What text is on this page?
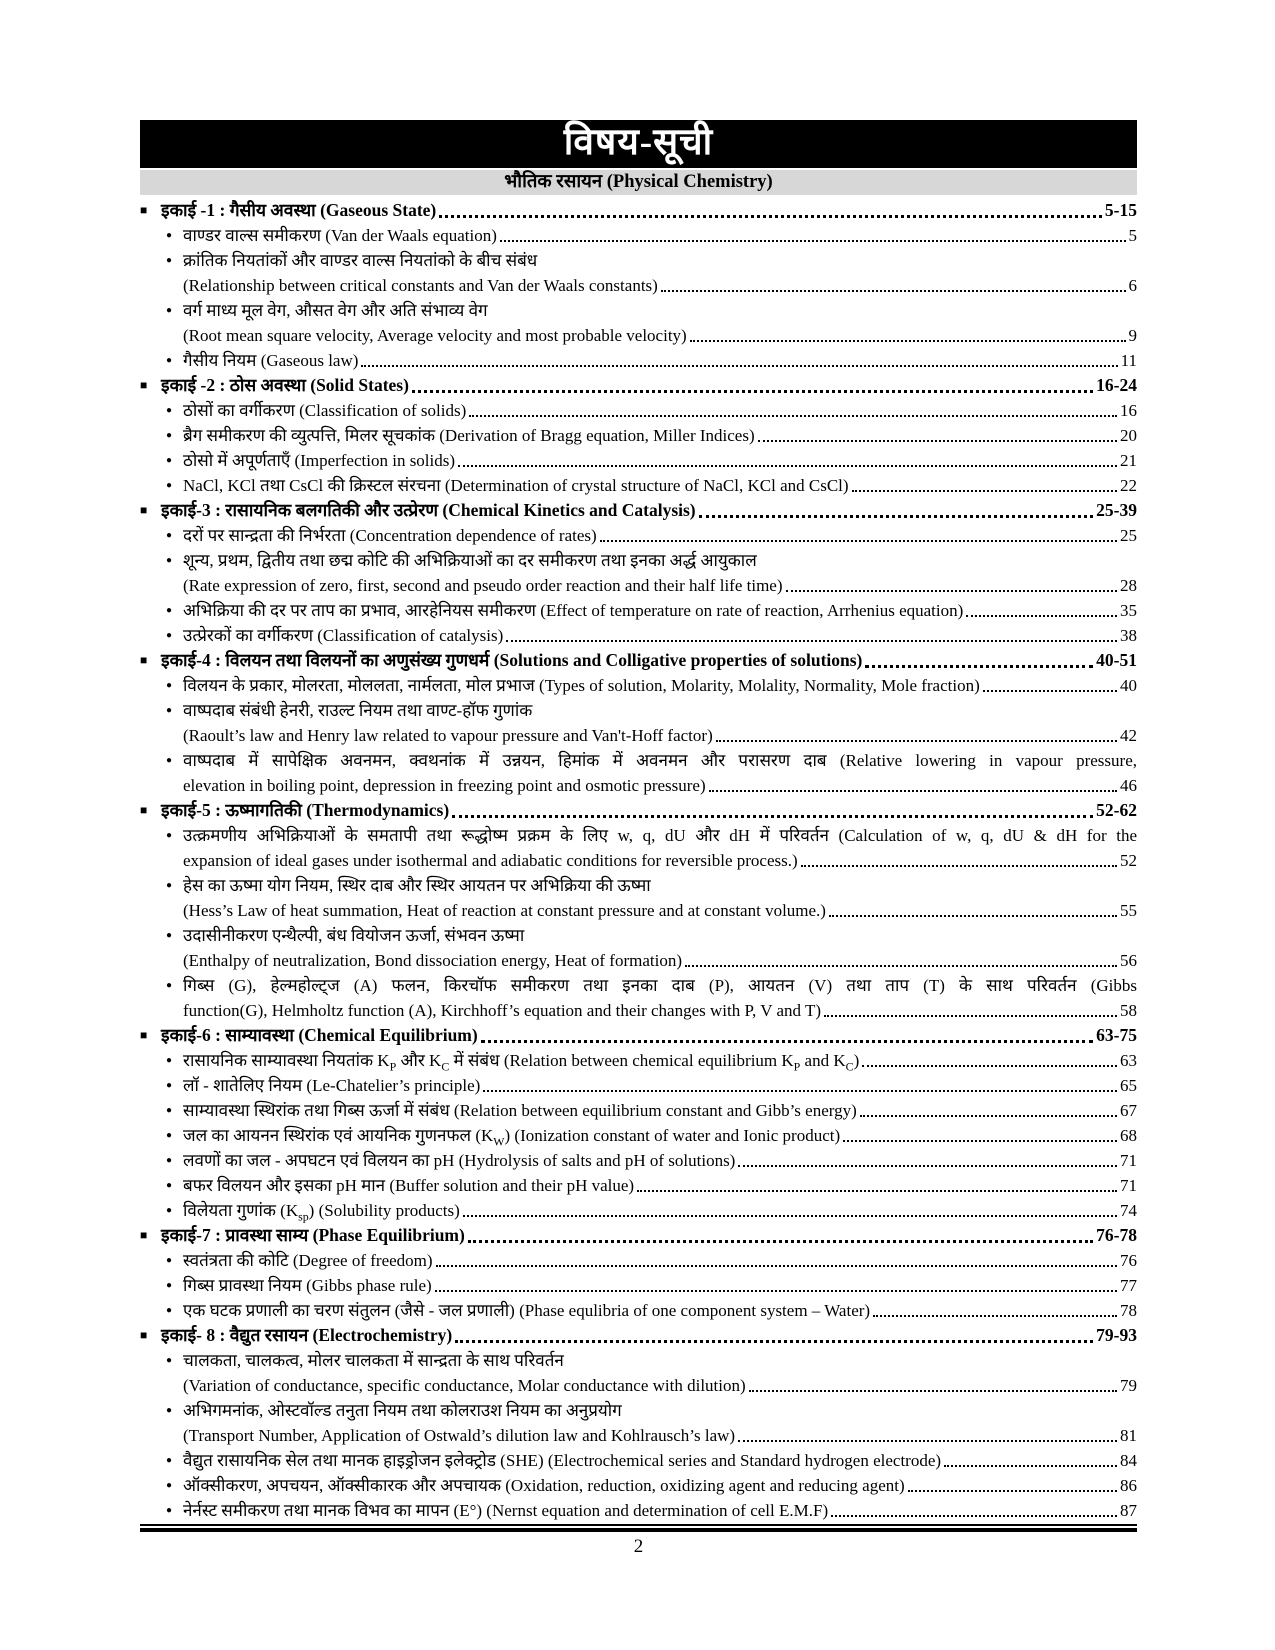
विषय-सूची
भौतिक रसायन (Physical Chemistry)
■ इकाई -1 : गैसीय अवस्था (Gaseous State)	5-15
● वाण्डर वाल्स समीकरण (Van der Waals equation)	5
● क्रांतिक नियतांकों और वाण्डर वाल्स नियतांको के बीच संबंध
(Relationship between critical constants and Van der Waals constants)	6
● वर्ग माध्य मूल वेग, औसत वेग और अति संभाव्य वेग
(Root mean square velocity, Average velocity and most probable velocity)	9
● गैसीय नियम (Gaseous law)	11
■ इकाई -2 : ठोस अवस्था (Solid States)	16-24
● ठोसों का वर्गीकरण (Classification of solids)	16
● ब्रैग समीकरण की व्युत्पत्ति, मिलर सूचकांक (Derivation of Bragg equation, Miller Indices)	20
● ठोसो में अपूर्णताएँ (Imperfection in solids)	21
● NaCl, KCl तथा CsCl की क्रिस्टल संरचना (Determination of crystal structure of NaCl, KCl and CsCl)	22
■ इकाई-3 : रासायनिक बलगतिकी और उत्प्रेरण (Chemical Kinetics and Catalysis)	25-39
● दरों पर सान्द्रता की निर्भरता (Concentration dependence of rates)	25
● शून्य, प्रथम, द्वितीय तथा छद्म कोटि की अभिक्रियाओं का दर समीकरण तथा इनका अर्द्ध आयुकाल
(Rate expression of zero, first, second and pseudo order reaction and their half life time)	28
● अभिक्रिया की दर पर ताप का प्रभाव, आरहेनियस समीकरण (Effect of temperature on rate of reaction, Arrhenius equation)	35
● उत्प्रेरकों का वर्गीकरण (Classification of catalysis)	38
■ इकाई-4 : विलयन तथा विलयनों का अणुसंख्य गुणधर्म (Solutions and Colligative properties of solutions)	40-51
● विलयन के प्रकार, मोलरता, मोललता, नार्मलता, मोल प्रभाज (Types of solution, Molarity, Molality, Normality, Mole fraction)	40
● वाष्पदाब संबंधी हेनरी, राउल्ट नियम तथा वाण्ट-हॉफ गुणांक
(Raoult’s law and Henry law related to vapour pressure and Van't-Hoff factor)	42
● वाष्पदाब में सापेक्षिक अवनमन, क्वथनांक में उन्नयन, हिमांक में अवनमन और परासरण दाब (Relative lowering in vapour pressure,
elevation in boiling point, depression in freezing point and osmotic pressure)	46
■ इकाई-5 : ऊष्मागतिकी (Thermodynamics)	52-62
● उत्क्रमणीय अभिक्रियाओं के समतापी तथा रूद्धोष्म प्रक्रम के लिए w, q, dU और dH में परिवर्तन (Calculation of w, q, dU & dH for the
expansion of ideal gases under isothermal and adiabatic conditions for reversible process.)	52
● हेस का ऊष्मा योग नियम, स्थिर दाब और स्थिर आयतन पर अभिक्रिया की ऊष्मा
(Hess’s Law of heat summation, Heat of reaction at constant pressure and at constant volume.)	55
● उदासीनीकरण एन्थैल्पी, बंध वियोजन ऊर्जा, संभवन ऊष्मा
(Enthalpy of neutralization, Bond dissociation energy, Heat of formation)	56
● गिब्स (G), हेल्महोल्ट्ज (A) फलन, किरचॉफ समीकरण तथा इनका दाब (P), आयतन (V) तथा ताप (T) के साथ परिवर्तन (Gibbs
function(G), Helmholtz function (A), Kirchhoff’s equation and their changes with P, V and T)	58
■ इकाई-6 : साम्यावस्था (Chemical Equilibrium)	63-75
● रासायनिक साम्यावस्था नियतांक $K_P$ और $K_C$ में संबंध (Relation between chemical equilibrium $K_P$ and $K_C$)	63
● लॉ - शातेलिए नियम (Le-Chatelier’s principle)	65
● साम्यावस्था स्थिरांक तथा गिब्स ऊर्जा में संबंध (Relation between equilibrium constant and Gibb’s energy)	67
● जल का आयनन स्थिरांक एवं आयनिक गुणनफल $(K_W)$ (Ionization constant of water and Ionic product)	68
● लवणों का जल - अपघटन एवं विलयन का pH (Hydrolysis of salts and pH of solutions)	71
● बफर विलयन और इसका pH मान (Buffer solution and their pH value)	71
● विलेयता गुणांक $(K_{sp})$ (Solubility products)	74
■ इकाई-7 : प्रावस्था साम्य (Phase Equilibrium)	76-78
● स्वतंत्रता की कोटि (Degree of freedom)	76
● गिब्स प्रावस्था नियम (Gibbs phase rule)	77
● एक घटक प्रणाली का चरण संतुलन (जैसे - जल प्रणाली) (Phase equlibria of one component system – Water)	78
■ इकाई- 8 : वैद्युत रसायन (Electrochemistry)	79-93
● चालकता, चालकत्व, मोलर चालकता में सान्द्रता के साथ परिवर्तन
(Variation of conductance, specific conductance, Molar conductance with dilution)	79
● अभिगमनांक, ओस्टवॉल्ड तनुता नियम तथा कोलराउश नियम का अनुप्रयोग
(Transport Number, Application of Ostwald’s dilution law and Kohlrausch’s law)	81
● वैद्युत रासायनिक सेल तथा मानक हाइड्रोजन इलेक्ट्रोड (SHE) (Electrochemical series and Standard hydrogen electrode)	84
● ऑक्सीकरण, अपचयन, ऑक्सीकारक और अपचायक (Oxidation, reduction, oxidizing agent and reducing agent)	86
● नेर्नस्ट समीकरण तथा मानक विभव का मापन (E°) (Nernst equation and determination of cell E.M.F)	87
2
